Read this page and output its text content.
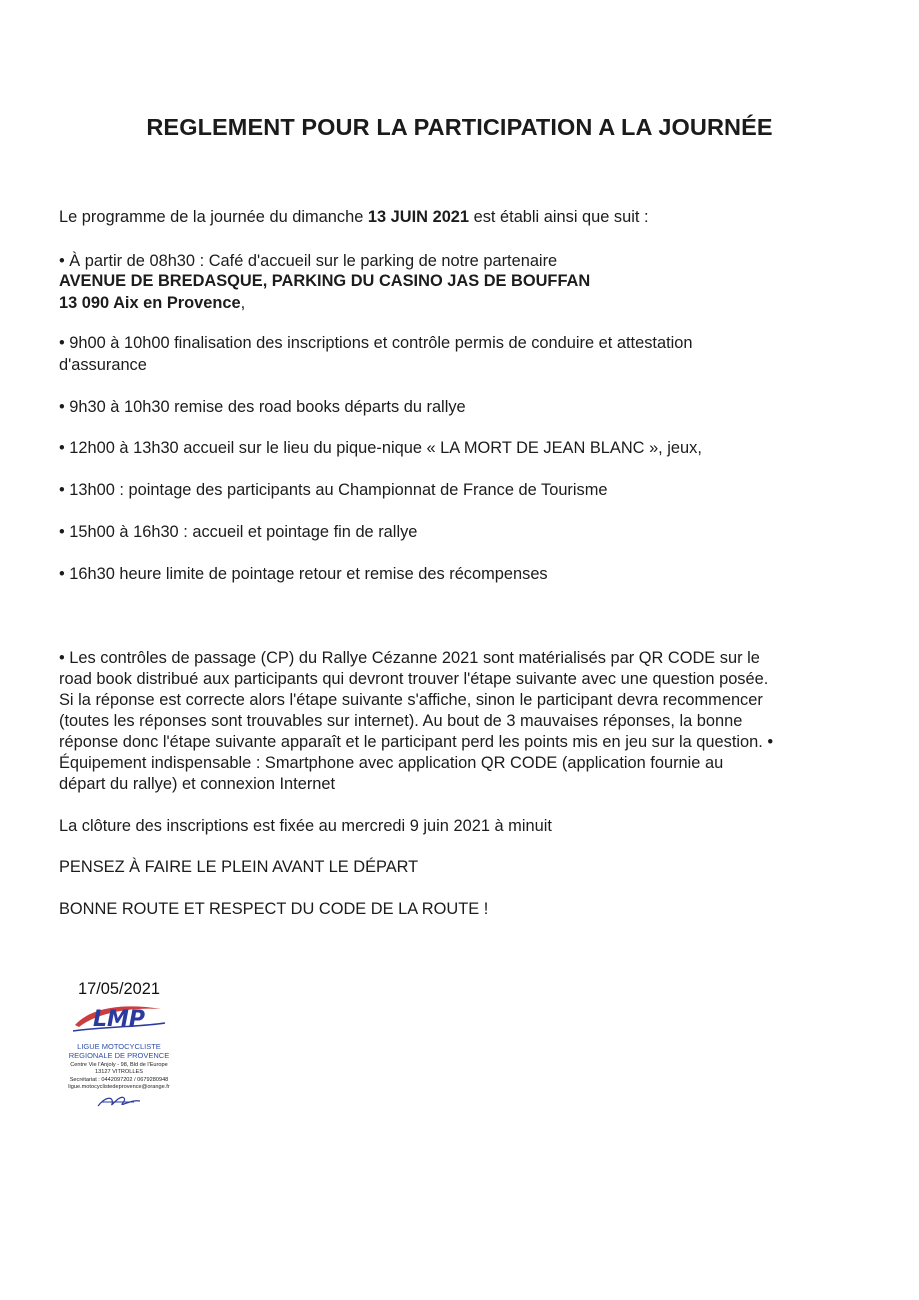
REGLEMENT POUR LA PARTICIPATION A LA JOURNÉE
Le programme de la journée du dimanche 13 JUIN 2021 est établi ainsi que suit :
• À partir de 08h30 : Café d'accueil sur le parking de notre partenaire
AVENUE DE BREDASQUE, PARKING DU CASINO JAS DE BOUFFAN
13 090 Aix en Provence,
• 9h00 à 10h00 finalisation des inscriptions et contrôle permis de conduire et attestation
d'assurance
• 9h30 à 10h30 remise des road books départs du rallye
• 12h00 à 13h30 accueil sur le lieu du pique-nique « LA MORT DE JEAN BLANC », jeux,
• 13h00 : pointage des participants au Championnat de France de Tourisme
• 15h00 à 16h30 : accueil et pointage fin de rallye
• 16h30 heure limite de pointage retour et remise des récompenses
• Les contrôles de passage (CP) du Rallye Cézanne 2021 sont matérialisés par QR CODE sur le
road book distribué aux participants qui devront trouver l'étape suivante avec une question posée.
Si la réponse est correcte alors l'étape suivante s'affiche, sinon le participant devra recommencer
(toutes les réponses sont trouvables sur internet). Au bout de 3 mauvaises réponses, la bonne
réponse donc l'étape suivante apparaît et le participant perd les points mis en jeu sur la question. •
Équipement indispensable : Smartphone avec application QR CODE (application fournie au
départ du rallye) et connexion Internet
La clôture des inscriptions est fixée au mercredi 9 juin 2021 à minuit
PENSEZ À FAIRE LE PLEIN AVANT LE DÉPART
BONNE ROUTE ET RESPECT DU CODE DE LA ROUTE !
17/05/2021
LMP
LIGUE MOTOCYCLISTE
REGIONALE DE PROVENCE
Centre Vie l'Anjoly - 98, Bld de l'Europe
13127 VITROLLES
Secrétariat : 0442097202 / 0679280948
ligue.motocyclistedeprovence@orange.fr
